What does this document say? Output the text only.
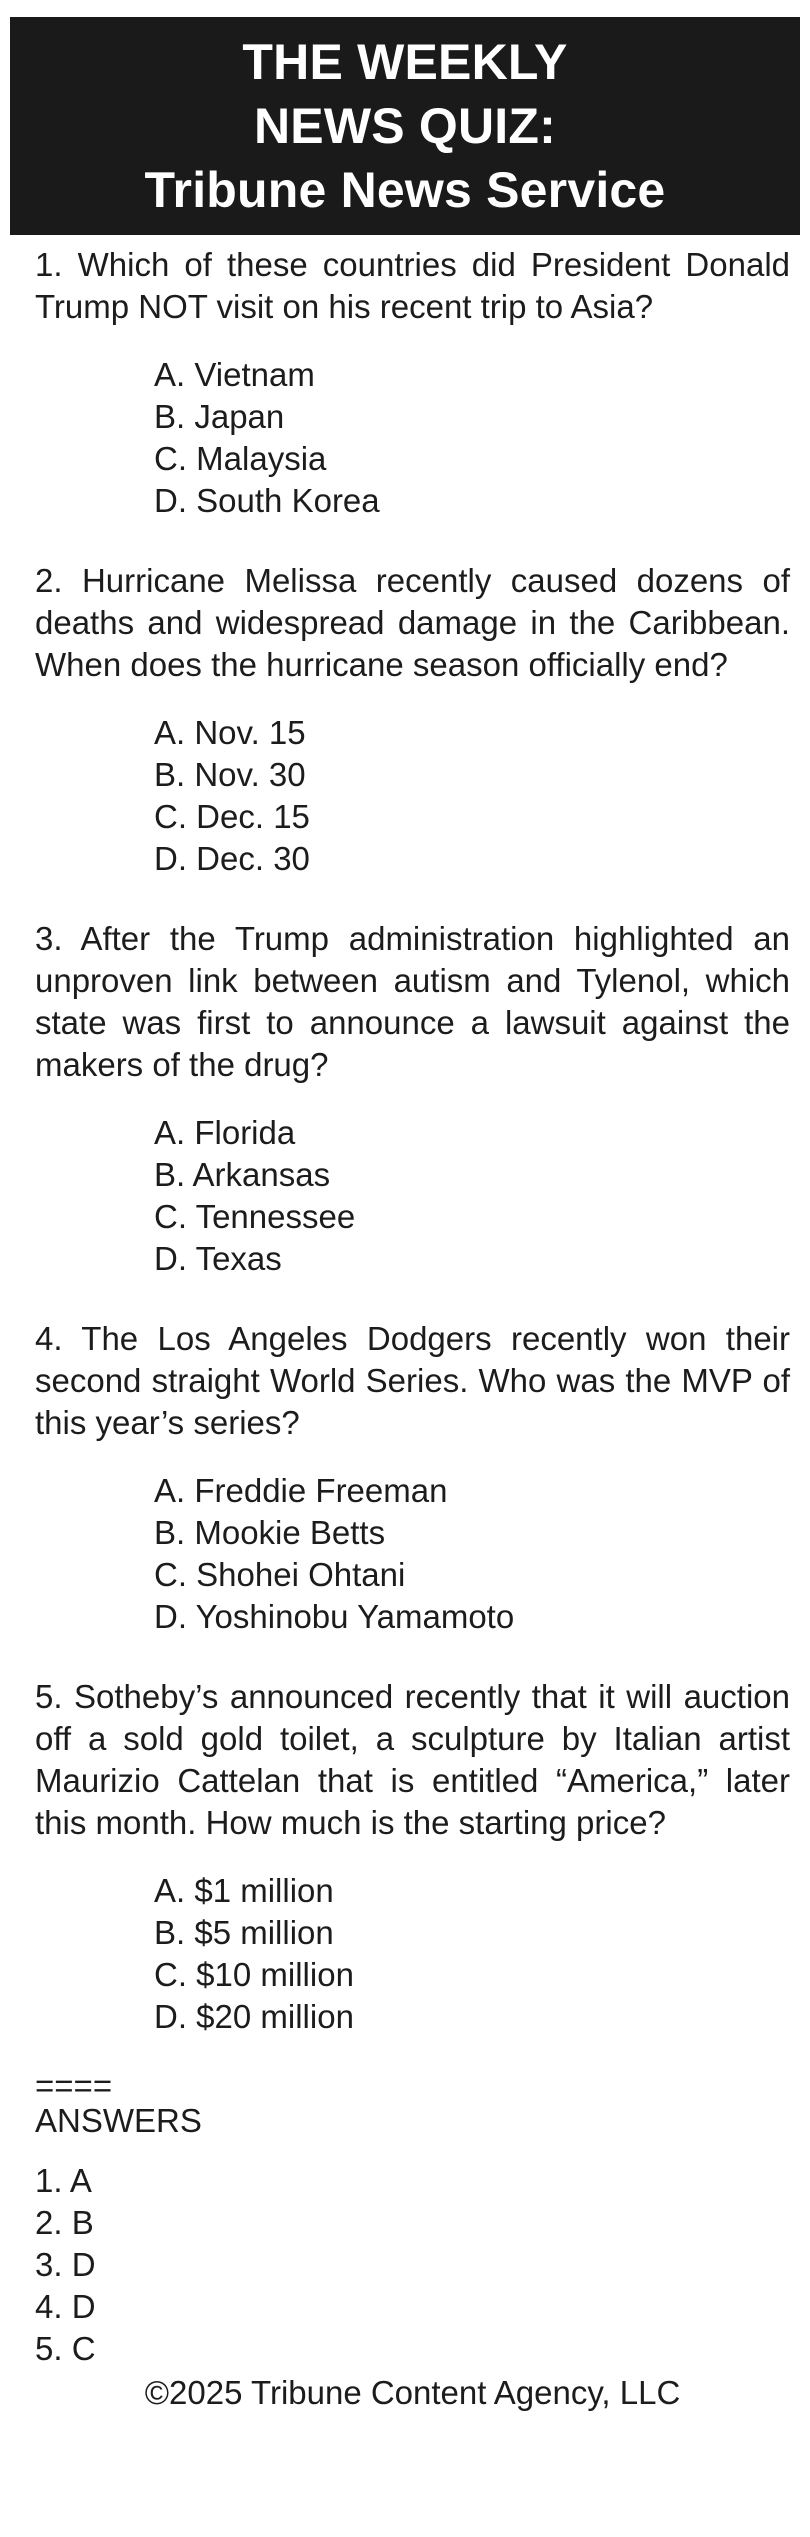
THE WEEKLY
NEWS QUIZ:
Tribune News Service

1. Which of these countries did President Donald Trump NOT visit on his recent trip to Asia?

A. Vietnam
B. Japan
C. Malaysia
D. South Korea

2. Hurricane Melissa recently caused dozens of deaths and widespread damage in the Caribbean. When does the hurricane season officially end?

A. Nov. 15
B. Nov. 30
C. Dec. 15
D. Dec. 30

3. After the Trump administration highlighted an unproven link between autism and Tylenol, which state was first to announce a lawsuit against the makers of the drug?

A. Florida
B. Arkansas
C. Tennessee
D. Texas

4. The Los Angeles Dodgers recently won their second straight World Series. Who was the MVP of this year’s series?

A. Freddie Freeman
B. Mookie Betts
C. Shohei Ohtani
D. Yoshinobu Yamamoto

5. Sotheby’s announced recently that it will auction off a sold gold toilet, a sculpture by Italian artist Maurizio Cattelan that is entitled “America,” later this month. How much is the starting price?

A. $1 million
B. $5 million
C. $10 million
D. $20 million
====
ANSWERS
1. A
2. B
3. D
4. D
5. C
©2025 Tribune Content Agency, LLC
